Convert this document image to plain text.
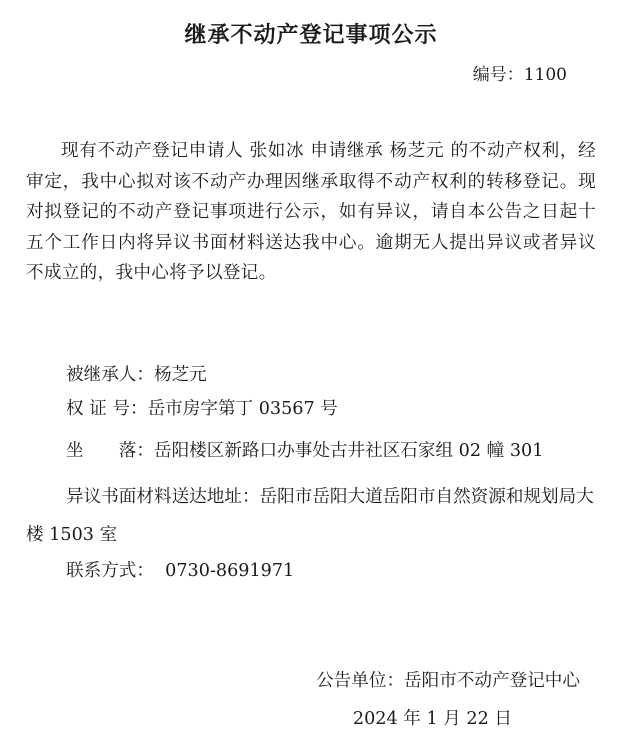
继承不动产登记事项公示
编号：1100
现有不动产登记申请人 张如冰 申请继承 杨芝元 的不动产权利，经审定，我中心拟对该不动产办理因继承取得不动产权利的转移登记。现对拟登记的不动产登记事项进行公示，如有异议，请自本公告之日起十五个工作日内将异议书面材料送达我中心。逾期无人提出异议或者异议不成立的，我中心将予以登记。
被继承人：杨芝元
权 证 号：岳市房字第丁 03567 号
坐　　落：岳阳楼区新路口办事处古井社区石家组 02 幢 301
异议书面材料送达地址：岳阳市岳阳大道岳阳市自然资源和规划局大楼 1503 室
联系方式： 0730-8691971
公告单位：岳阳市不动产登记中心
2024 年 1 月 22 日
